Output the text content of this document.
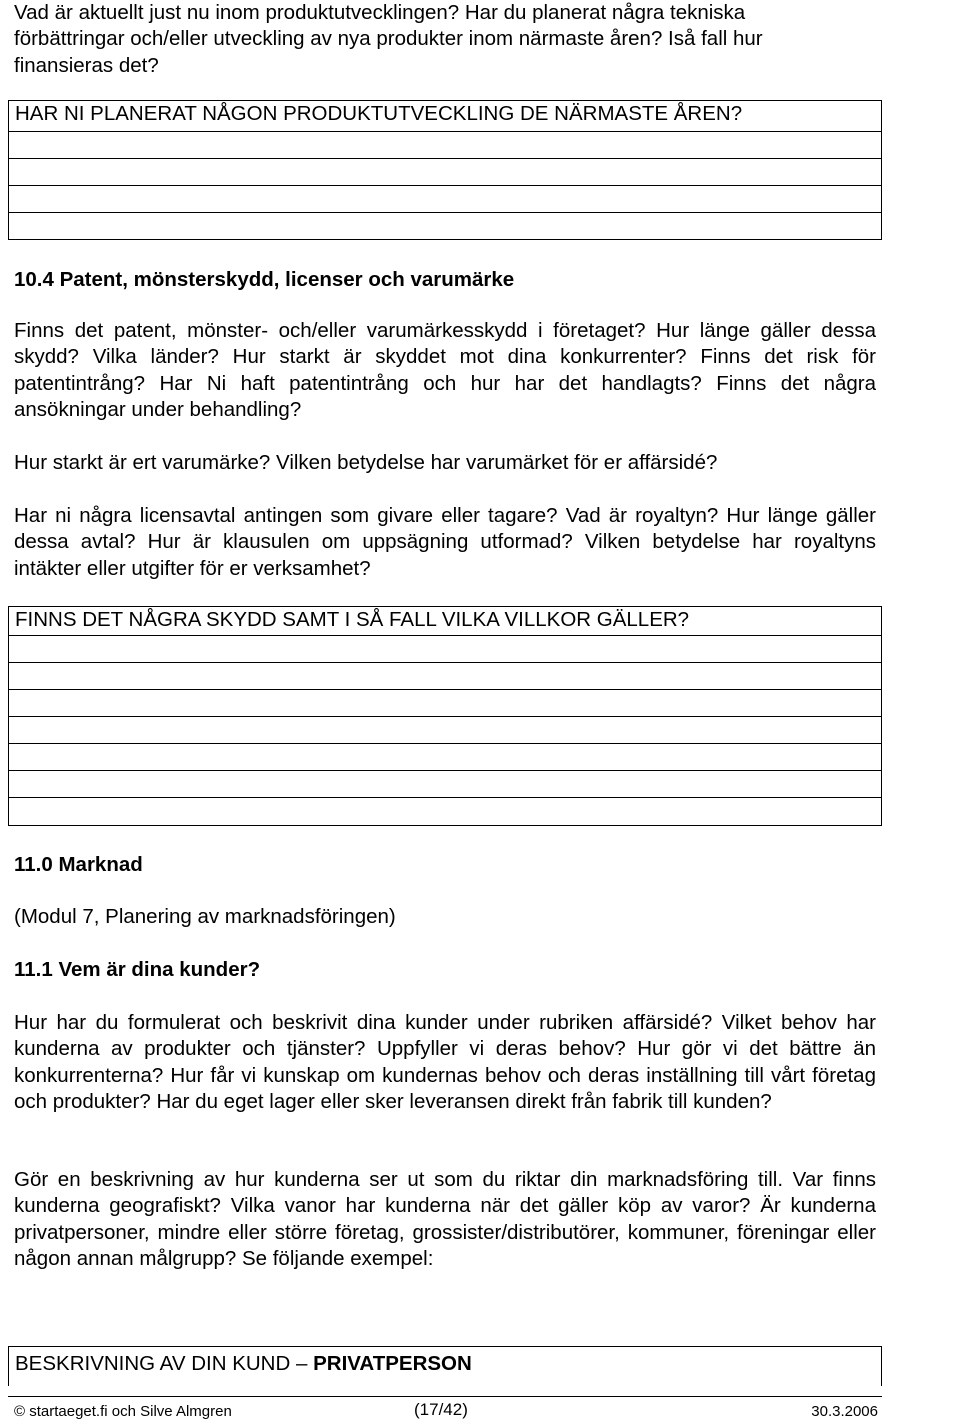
Vad är aktuellt just nu inom produktutvecklingen? Har du planerat några tekniska
förbättringar och/eller utveckling av nya produkter inom närmaste åren? Iså fall hur
finansieras det?
HAR NI PLANERAT NÅGON PRODUKTUTVECKLING DE NÄRMASTE ÅREN?
10.4 Patent, mönsterskydd, licenser och varumärke
Finns det patent, mönster- och/eller varumärkesskydd i företaget? Hur länge gäller dessa skydd? Vilka länder? Hur starkt är skyddet mot dina konkurrenter? Finns det risk för patentintrång? Har Ni haft patentintrång och hur har det handlagts? Finns det några ansökningar under behandling?
Hur starkt är ert varumärke? Vilken betydelse har varumärket för er affärsidé?
Har ni några licensavtal antingen som givare eller tagare? Vad är royaltyn? Hur länge gäller dessa avtal? Hur är klausulen om uppsägning utformad? Vilken betydelse har royaltyns intäkter eller utgifter för er verksamhet?
FINNS DET NÅGRA SKYDD SAMT I SÅ FALL VILKA VILLKOR GÄLLER?
11.0 Marknad
(Modul 7, Planering av marknadsföringen)
11.1 Vem är dina kunder?
Hur har du formulerat och beskrivit dina kunder under rubriken affärsidé? Vilket behov har kunderna av produkter och tjänster? Uppfyller vi deras behov? Hur gör vi det bättre än konkurrenterna? Hur får vi kunskap om kundernas behov och deras inställning till vårt företag och produkter? Har du eget lager eller sker leveransen direkt från fabrik till kunden?
Gör en beskrivning av hur kunderna ser ut som du riktar din marknadsföring till. Var finns kunderna geografiskt? Vilka vanor har kunderna när det gäller köp av varor? Är kunderna privatpersoner, mindre eller större företag, grossister/distributörer, kommuner, föreningar eller någon annan målgrupp? Se följande exempel:
BESKRIVNING AV DIN KUND – PRIVATPERSON
© startaeget.fi och Silve Almgren	(17/42)	30.3.2006
